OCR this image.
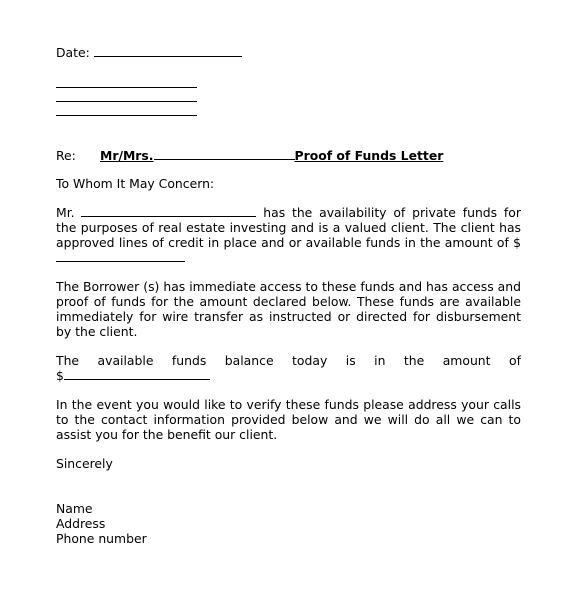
Date:
Re: Mr/Mrs.	Proof of Funds Letter
To Whom It May Concern:

Mr.	has the availability of private funds for the purposes of real estate investing and is a valued client. The client has approved lines of credit in place and or available funds in the amount of $

The Borrower (s) has immediate access to these funds and has access and proof of funds for the amount declared below. These funds are available immediately for wire transfer as instructed or directed for disbursement by the client.

The available funds balance today is in the amount of
$

In the event you would like to verify these funds please address your calls to the contact information provided below and we will do all we can to assist you for the benefit our client.

Sincerely
Name
Address
Phone number
